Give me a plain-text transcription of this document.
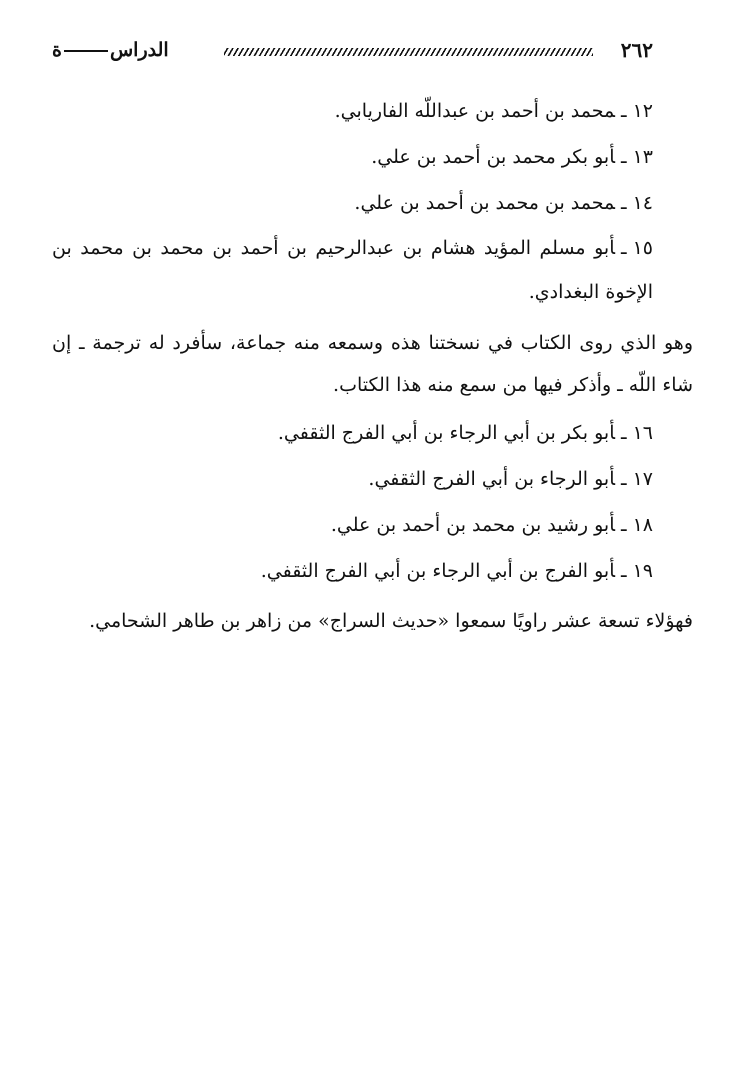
٢٦٢
الدراسة

١٢ـمحمد بن أحمد بن عبداللّه الفاريابي.

١٣ـأبو بكر محمد بن أحمد بن علي.

١٤ـمحمد بن محمد بن أحمد بن علي.

١٥ـأبو مسلم المؤيد هشام بن عبدالرحيم بن أحمد بن محمد بن محمد بن الإخوة البغدادي.

وهو الذي روى الكتاب في نسختنا هذه وسمعه منه جماعة، سأفرد له ترجمة ـ إن شاء اللّه ـ وأذكر فيها من سمع منه هذا الكتاب.

١٦ـأبو بكر بن أبي الرجاء بن أبي الفرج الثقفي.

١٧ـأبو الرجاء بن أبي الفرج الثقفي.

١٨ـأبو رشيد بن محمد بن أحمد بن علي.

١٩ـأبو الفرج بن أبي الرجاء بن أبي الفرج الثقفي.

فهؤلاء تسعة عشر راويًا سمعوا «حديث السراج» من زاهر بن طاهر الشحامي.
